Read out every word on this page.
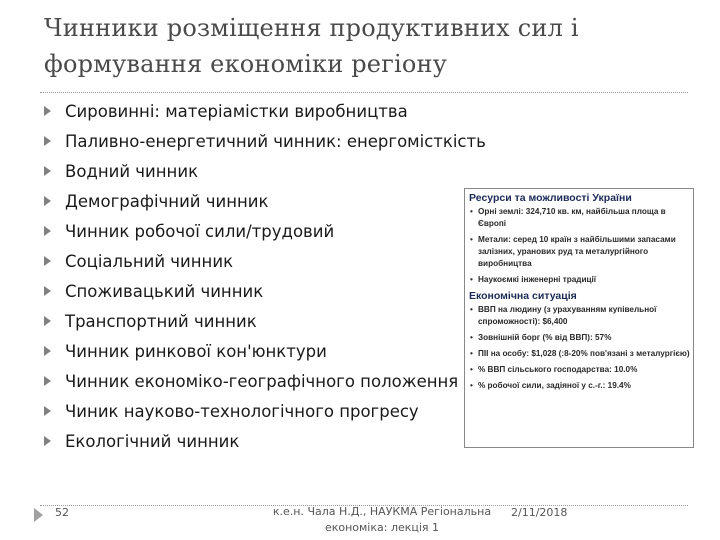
Чинники розміщення продуктивних сил і формування економіки регіону
Сировинні: матеріамістки виробництва
Паливно-енергетичний чинник: енергомісткість
Водний чинник
Демографічний чинник
Чинник робочої сили/трудовий
Соціальний чинник
Споживацький чинник
Транспортний чинник
Чинник ринкової кон'юнктури
Чинник економіко-географічного положення
Чиник науково-технологічного прогресу
Екологічний чинник
Ресурси та можливості України
• Орні землі: 324,710 кв. км, найбільша площа в Європі
• Метали: серед 10 країн з найбільшими запасами залізних, уранових руд та металургійного виробництва
• Наукоємкі інженерні традиції
Економічна ситуація
• ВВП на людину (з урахуванням купівельної спроможності): $6,400
• Зовнішній борг (% від ВВП): 57%
• ПІІ на особу: $1,028 (:8-20% пов'язані з металургією)
• % ВВП сільського господарства: 10.0%
• % робочої сили, задіяної у с.-г.: 19.4%
52	к.е.н. Чала Н.Д., НАУКМА Регіональна
економіка: лекція 1
2/11/2018
